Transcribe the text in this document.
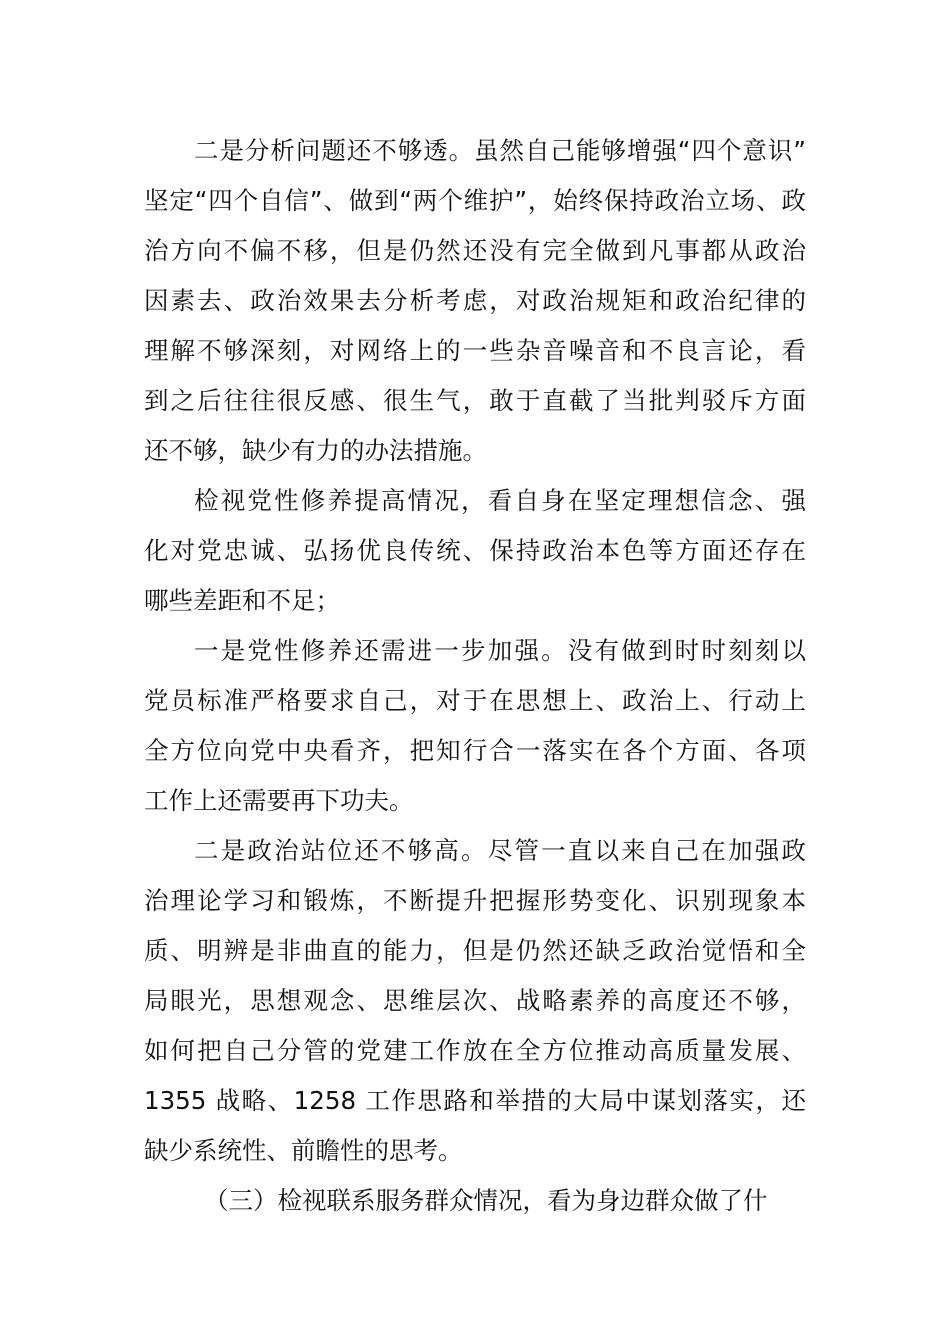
二是分析问题还不够透。虽然自己能够增强“四个意识”
坚定“四个自信”、做到“两个维护”，始终保持政治立场、政
治方向不偏不移，但是仍然还没有完全做到凡事都从政治
因素去、政治效果去分析考虑，对政治规矩和政治纪律的
理解不够深刻，对网络上的一些杂音噪音和不良言论，看
到之后往往很反感、很生气，敢于直截了当批判驳斥方面
还不够，缺少有力的办法措施。
检视党性修养提高情况，看自身在坚定理想信念、强
化对党忠诚、弘扬优良传统、保持政治本色等方面还存在
哪些差距和不足；
一是党性修养还需进一步加强。没有做到时时刻刻以
党员标准严格要求自己，对于在思想上、政治上、行动上
全方位向党中央看齐，把知行合一落实在各个方面、各项
工作上还需要再下功夫。
二是政治站位还不够高。尽管一直以来自己在加强政
治理论学习和锻炼，不断提升把握形势变化、识别现象本
质、明辨是非曲直的能力，但是仍然还缺乏政治觉悟和全
局眼光，思想观念、思维层次、战略素养的高度还不够，
如何把自己分管的党建工作放在全方位推动高质量发展、
1355 战略、1258 工作思路和举措的大局中谋划落实，还
缺少系统性、前瞻性的思考。
（三）检视联系服务群众情况，看为身边群众做了什
